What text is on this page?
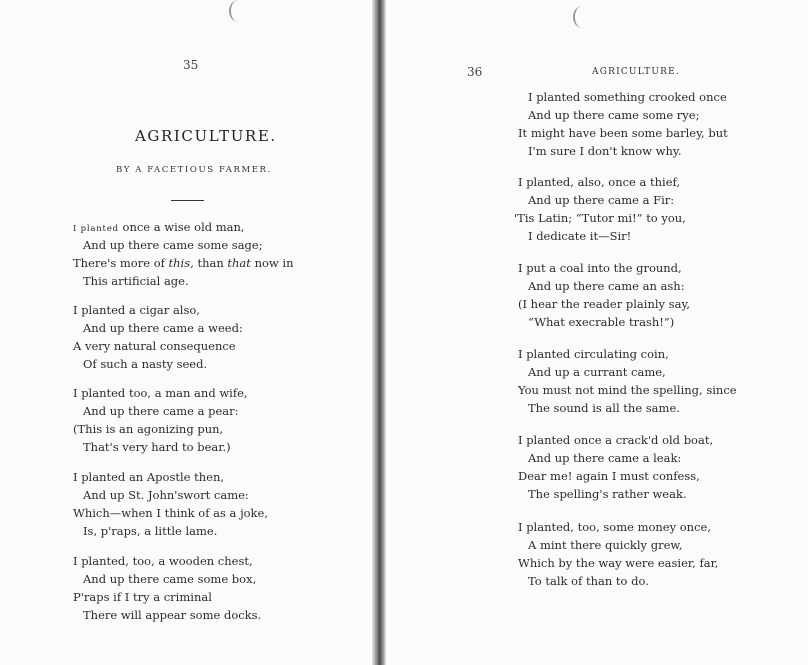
35
AGRICULTURE.
BY A FACETIOUS FARMER.
I planted once a wise old man,
And up there came some sage;
There's more of this, than that now in
This artificial age.
I planted a cigar also,
And up there came a weed:
A very natural consequence
Of such a nasty seed.
I planted too, a man and wife,
And up there came a pear:
(This is an agonizing pun,
That's very hard to bear.)
I planted an Apostle then,
And up St. John'swort came:
Which—when I think of as a joke,
Is, p'raps, a little lame.
I planted, too, a wooden chest,
And up there came some box,
P'raps if I try a criminal
There will appear some docks.
36	AGRICULTURE.
I planted something crooked once
And up there came some rye;
It might have been some barley, but
I'm sure I don't know why.
I planted, also, once a thief,
And up there came a Fir:
'Tis Latin; “Tutor mi!” to you,
I dedicate it—Sir!
I put a coal into the ground,
And up there came an ash:
(I hear the reader plainly say,
“What execrable trash!”)
I planted circulating coin,
And up a currant came,
You must not mind the spelling, since
The sound is all the same.
I planted once a crack'd old boat,
And up there came a leak:
Dear me! again I must confess,
The spelling's rather weak.
I planted, too, some money once,
A mint there quickly grew,
Which by the way were easier, far,
To talk of than to do.
